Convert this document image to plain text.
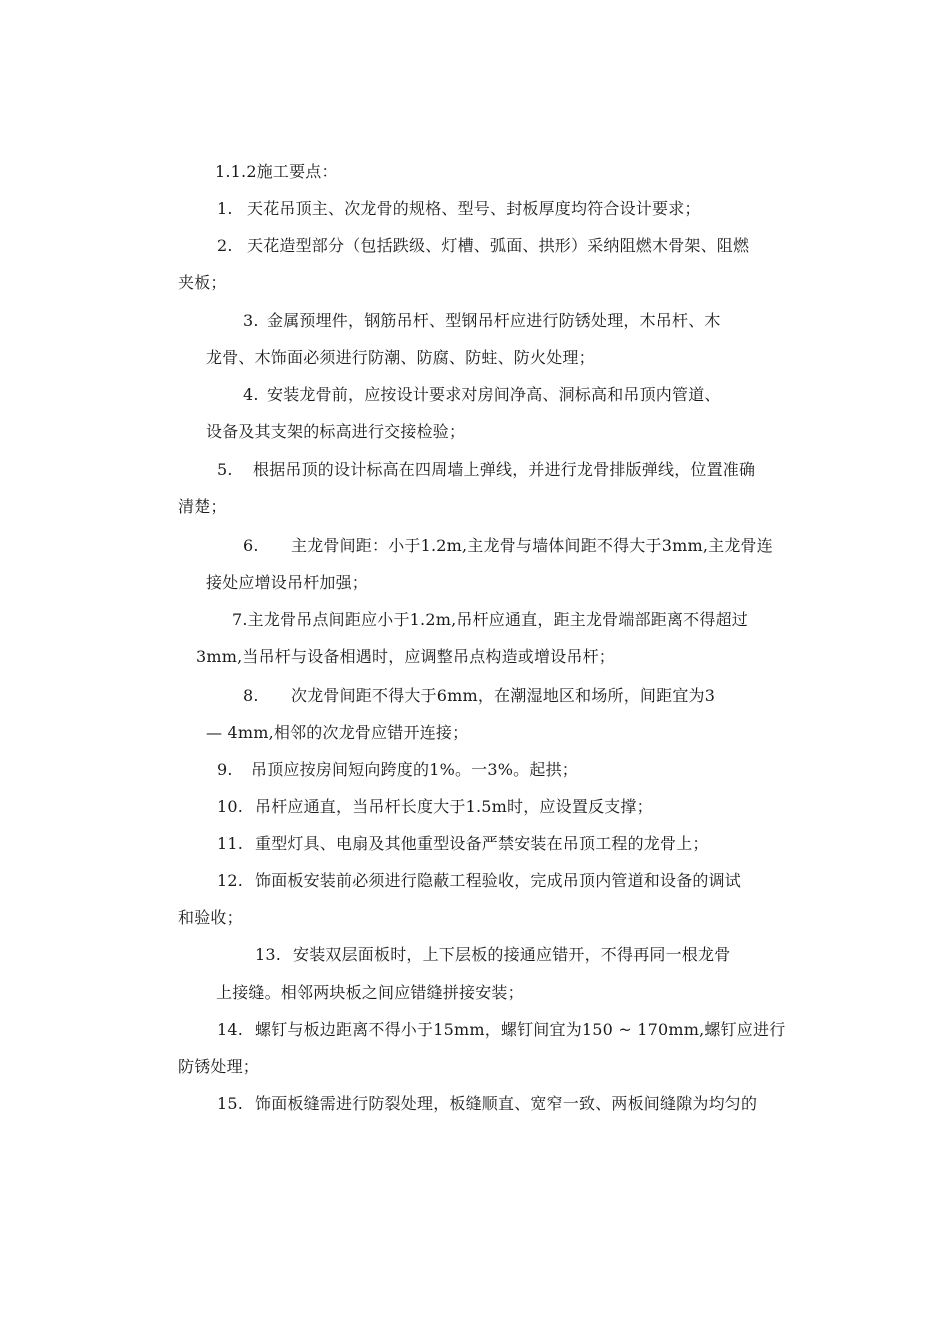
1.1.2施工要点：
1. 天花吊顶主、次龙骨的规格、型号、封板厚度均符合设计要求；
2. 天花造型部分（包括跌级、灯槽、弧面、拱形）采纳阻燃木骨架、阻燃
夹板；
3. 金属预埋件，钢筋吊杆、型钢吊杆应进行防锈处理，木吊杆、木
龙骨、木饰面必须进行防潮、防腐、防蛀、防火处理；
4. 安装龙骨前，应按设计要求对房间净高、洞标高和吊顶内管道、
设备及其支架的标高进行交接检验；
5.	根据吊顶的设计标高在四周墙上弹线，并进行龙骨排版弹线，位置准确
清楚；
6. 主龙骨间距：小于1.2m,主龙骨与墙体间距不得大于3mm,主龙骨连
接处应增设吊杆加强；
7.主龙骨吊点间距应小于1.2m,吊杆应通直，距主龙骨端部距离不得超过
3mm,当吊杆与设备相遇时，应调整吊点构造或增设吊杆；
8. 次龙骨间距不得大于6mm，在潮湿地区和场所，间距宜为3
— 4mm,相邻的次龙骨应错开连接；
9. 吊顶应按房间短向跨度的1%。一3%。起拱；
10. 吊杆应通直，当吊杆长度大于1.5m时，应设置反支撑；
11. 重型灯具、电扇及其他重型设备严禁安装在吊顶工程的龙骨上；
12. 饰面板安装前必须进行隐蔽工程验收，完成吊顶内管道和设备的调试
和验收；
13. 安装双层面板时，上下层板的接通应错开，不得再同一根龙骨
上接缝。相邻两块板之间应错缝拼接安装；
14. 螺钉与板边距离不得小于15mm，螺钉间宜为150 ~ 170mm,螺钉应进行
防锈处理；
15. 饰面板缝需进行防裂处理，板缝顺直、宽窄一致、两板间缝隙为均匀的
